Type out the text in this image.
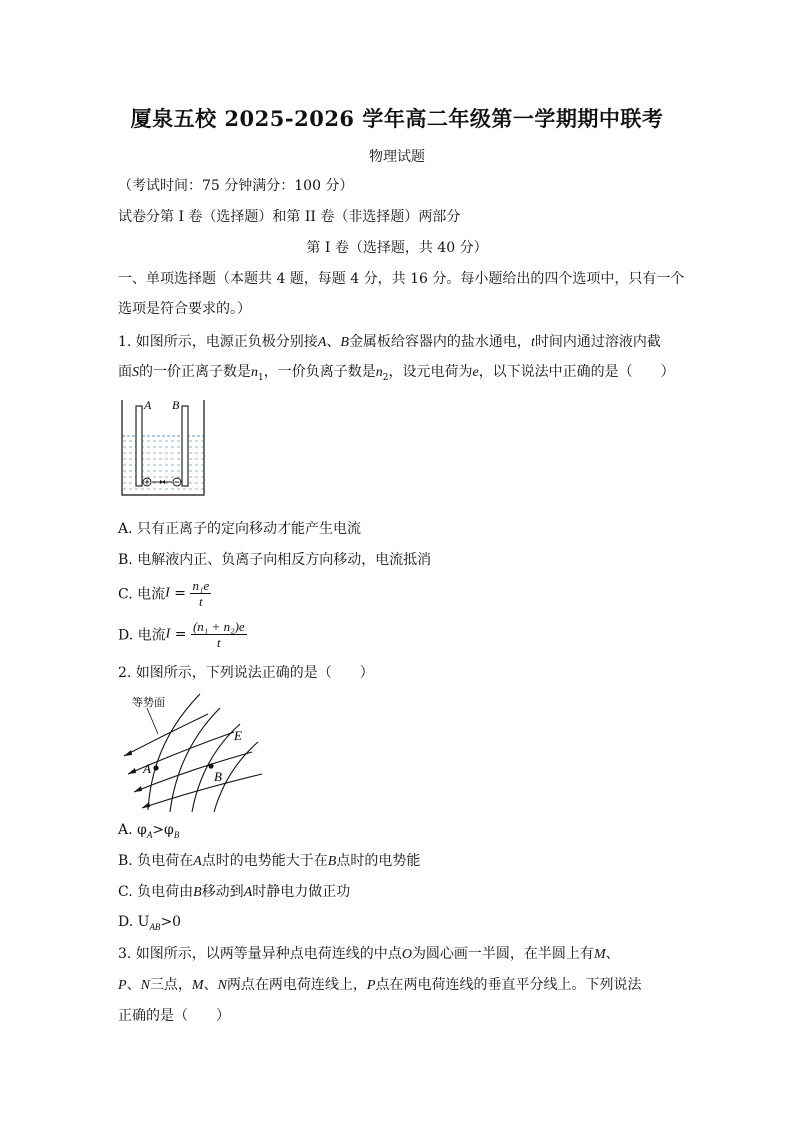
厦泉五校 2025-2026 学年高二年级第一学期期中联考
物理试题
（考试时间：75 分钟满分：100 分）
试卷分第 I 卷（选择题）和第 II 卷（非选择题）两部分
第 I 卷（选择题，共 40 分）
一、单项选择题（本题共 4 题，每题 4 分，共 16 分。每小题给出的四个选项中，只有一个
选项是符合要求的。）
1. 如图所示，电源正负极分别接A、B金属板给容器内的盐水通电，t时间内通过溶液内截
面S的一价正离子数是$n_1$，一价负离子数是$n_2$，设元电荷为e，以下说法中正确的是（　　）
A B
A. 只有正离子的定向移动才能产生电流
B. 电解液内正、负离子向相反方向移动，电流抵消
C. 电流$I = \frac{\text{n₁e}}{t}$
D. 电流$I = \frac{\text{(n₁ + n₂)e}}{t}$
2. 如图所示，下列说法正确的是（　　）
等势面
E
A
B
A. $\varphi_A>\varphi_B$
B. 负电荷在A点时的电势能大于在B点时的电势能
C. 负电荷由B移动到A时静电力做正功
D. $U_{AB}>0$
3. 如图所示，以两等量异种点电荷连线的中点O为圆心画一半圆，在半圆上有M、
P、N三点，M、N两点在两电荷连线上，P点在两电荷连线的垂直平分线上。下列说法
正确的是（　　）
